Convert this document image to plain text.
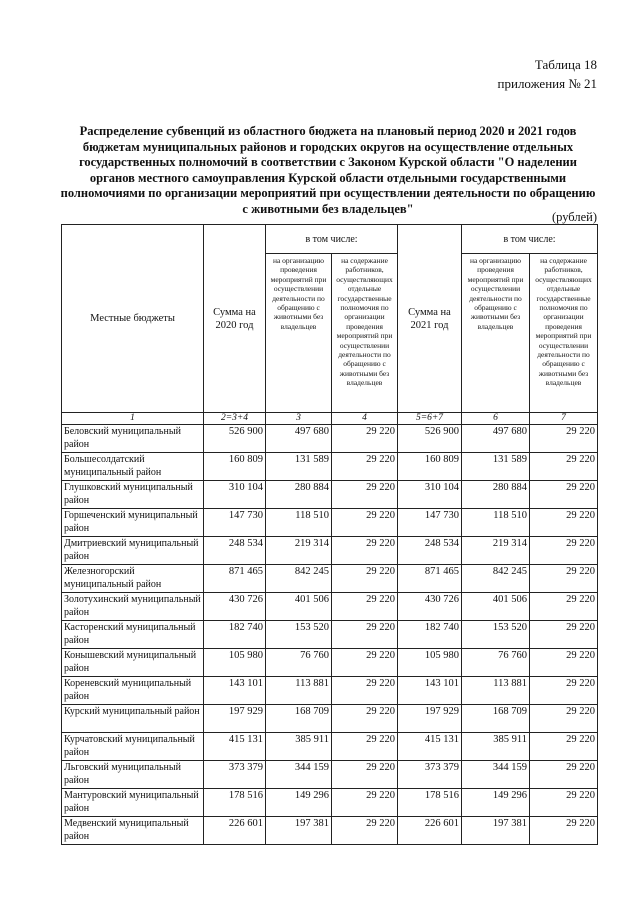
Таблица 18
приложения № 21
Распределение субвенций из областного бюджета на плановый период 2020 и 2021 годов бюджетам муниципальных районов и городских округов на осуществление отдельных государственных полномочий в соответствии с Законом Курской области "О наделении органов местного самоуправления Курской области отдельными государственными полномочиями по организации мероприятий при осуществлении деятельности по обращению с животными без владельцев"
(рублей)
Местные бюджеты	Сумма на 2020 год	в том числе:		Сумма на 2021 год	в том числе:	
		на организацию проведения мероприятий при осуществлении деятельности по обращению с животными без владельцев	на содержание работников, осуществляющих отдельные государственные полномочия по организации проведения мероприятий при осуществлении деятельности по обращению с животными без владельцев		на организацию проведения мероприятий при осуществлении деятельности по обращению с животными без владельцев	на содержание работников, осуществляющих отдельные государственные полномочия по организации проведения мероприятий при осуществлении деятельности по обращению с животными без владельцев
1	2=3+4	3	4	5=6+7	6	7
Беловский муниципальный район	526 900	497 680	29 220	526 900	497 680	29 220
Большесолдатский муниципальный район	160 809	131 589	29 220	160 809	131 589	29 220
Глушковский муниципальный район	310 104	280 884	29 220	310 104	280 884	29 220
Горшеченский муниципальный район	147 730	118 510	29 220	147 730	118 510	29 220
Дмитриевский муниципальный район	248 534	219 314	29 220	248 534	219 314	29 220
Железногорский муниципальный район	871 465	842 245	29 220	871 465	842 245	29 220
Золотухинский муниципальный район	430 726	401 506	29 220	430 726	401 506	29 220
Касторенский муниципальный район	182 740	153 520	29 220	182 740	153 520	29 220
Конышевский муниципальный район	105 980	76 760	29 220	105 980	76 760	29 220
Кореневский муниципальный район	143 101	113 881	29 220	143 101	113 881	29 220
Курский муниципальный район	197 929	168 709	29 220	197 929	168 709	29 220
Курчатовский муниципальный район	415 131	385 911	29 220	415 131	385 911	29 220
Льговский муниципальный район	373 379	344 159	29 220	373 379	344 159	29 220
Мантуровский муниципальный район	178 516	149 296	29 220	178 516	149 296	29 220
Медвенский муниципальный район	226 601	197 381	29 220	226 601	197 381	29 220
